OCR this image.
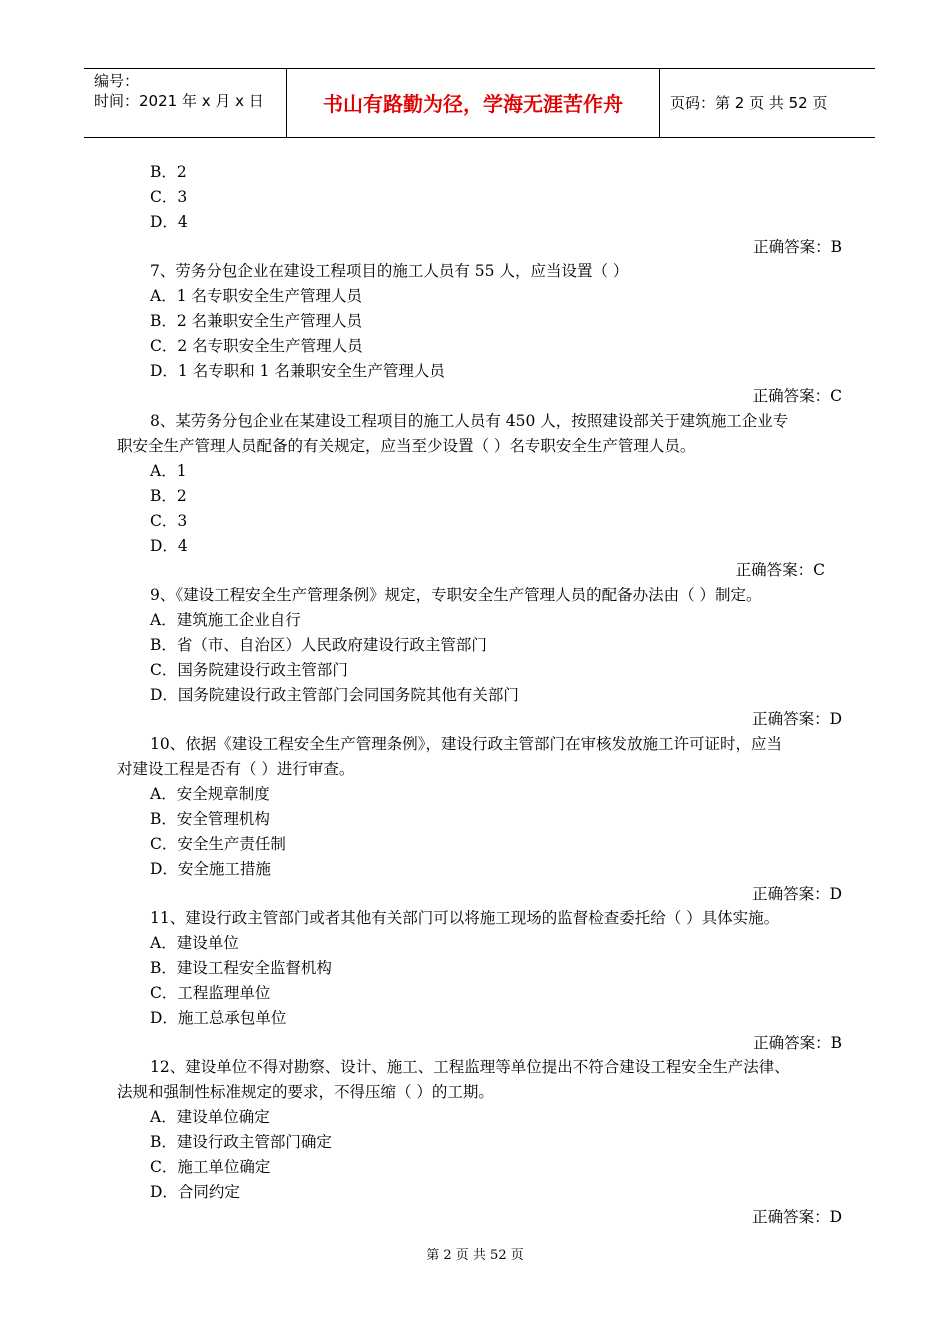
编号：
时间：2021 年 x 月 x 日	书山有路勤为径，学海无涯苦作舟	页码：第 2 页 共 52 页
B．2
C．3
D．4
正确答案：B
7、劳务分包企业在建设工程项目的施工人员有 55 人，应当设置（ ）
A．1 名专职安全生产管理人员
B．2 名兼职安全生产管理人员
C．2 名专职安全生产管理人员
D．1 名专职和 1 名兼职安全生产管理人员
正确答案：C
8、某劳务分包企业在某建设工程项目的施工人员有 450 人，按照建设部关于建筑施工企业专
职安全生产管理人员配备的有关规定，应当至少设置（ ）名专职安全生产管理人员。
A．1
B．2
C．3
D．4
正确答案：C
9、《建设工程安全生产管理条例》规定，专职安全生产管理人员的配备办法由（ ）制定。
A．建筑施工企业自行
B．省（市、自治区）人民政府建设行政主管部门
C．国务院建设行政主管部门
D．国务院建设行政主管部门会同国务院其他有关部门
正确答案：D
10、依据《建设工程安全生产管理条例》，建设行政主管部门在审核发放施工许可证时，应当
对建设工程是否有（ ）进行审查。
A．安全规章制度
B．安全管理机构
C．安全生产责任制
D．安全施工措施
正确答案：D
11、建设行政主管部门或者其他有关部门可以将施工现场的监督检查委托给（ ）具体实施。
A．建设单位
B．建设工程安全监督机构
C．工程监理单位
D．施工总承包单位
正确答案：B
12、建设单位不得对勘察、设计、施工、工程监理等单位提出不符合建设工程安全生产法律、
法规和强制性标准规定的要求，不得压缩（ ）的工期。
A．建设单位确定
B．建设行政主管部门确定
C．施工单位确定
D．合同约定
正确答案：D
第 2 页 共 52 页
